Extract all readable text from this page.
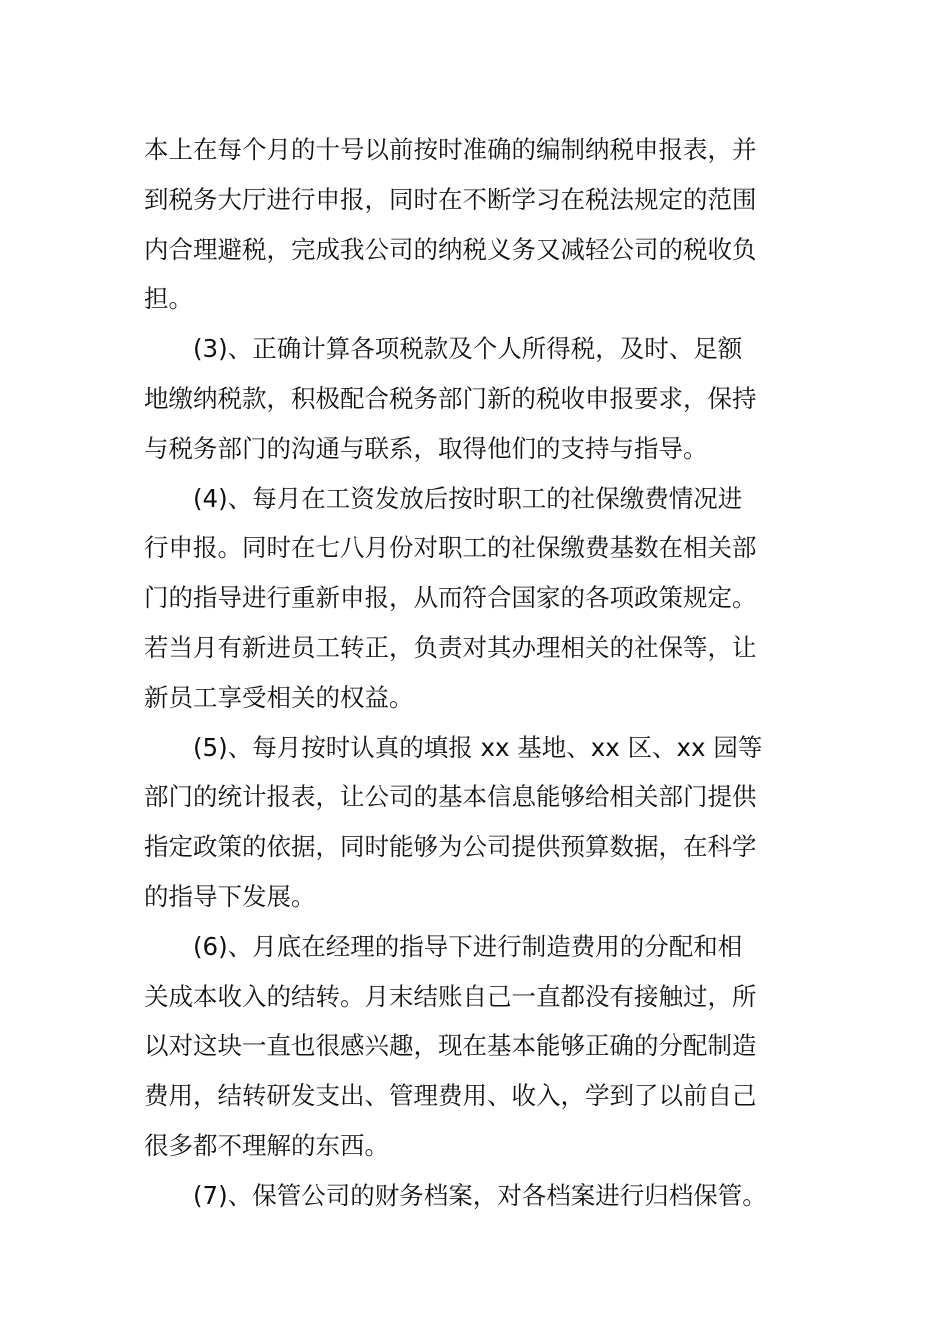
本上在每个月的十号以前按时准确的编制纳税申报表，并
到税务大厅进行申报，同时在不断学习在税法规定的范围
内合理避税，完成我公司的纳税义务又减轻公司的税收负
担。
(3)、正确计算各项税款及个人所得税，及时、足额
地缴纳税款，积极配合税务部门新的税收申报要求，保持
与税务部门的沟通与联系，取得他们的支持与指导。
(4)、每月在工资发放后按时职工的社保缴费情况进
行申报。同时在七八月份对职工的社保缴费基数在相关部
门的指导进行重新申报，从而符合国家的各项政策规定。
若当月有新进员工转正，负责对其办理相关的社保等，让
新员工享受相关的权益。
(5)、每月按时认真的填报 xx 基地、xx 区、xx 园等
部门的统计报表，让公司的基本信息能够给相关部门提供
指定政策的依据，同时能够为公司提供预算数据，在科学
的指导下发展。
(6)、月底在经理的指导下进行制造费用的分配和相
关成本收入的结转。月末结账自己一直都没有接触过，所
以对这块一直也很感兴趣，现在基本能够正确的分配制造
费用，结转研发支出、管理费用、收入，学到了以前自己
很多都不理解的东西。
(7)、保管公司的财务档案，对各档案进行归档保管。
